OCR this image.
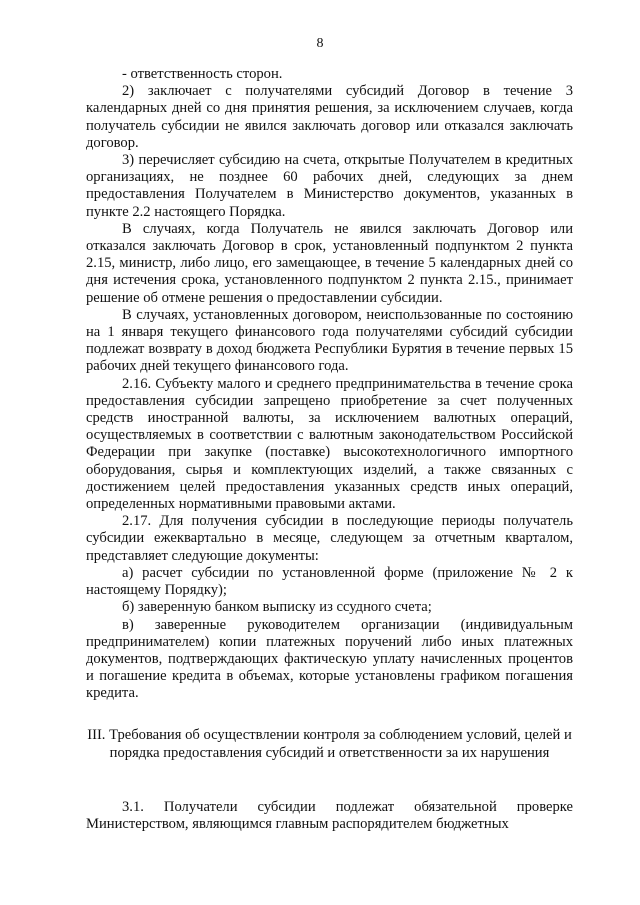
8

- ответственность сторон.

2) заключает с получателями субсидий Договор в течение 3 календарных дней со дня принятия решения, за исключением случаев, когда получатель субсидии не явился заключать договор или отказался заключать договор.

3) перечисляет субсидию на счета, открытые Получателем в кредитных организациях, не позднее 60 рабочих дней, следующих за днем предоставления Получателем в Министерство документов, указанных в пункте 2.2 настоящего Порядка.

В случаях, когда Получатель не явился заключать Договор или отказался заключать Договор в срок, установленный подпунктом 2 пункта 2.15, министр, либо лицо, его замещающее, в течение 5 календарных дней со дня истечения срока, установленного подпунктом 2 пункта 2.15., принимает решение об отмене решения о предоставлении субсидии.

В случаях, установленных договором, неиспользованные по состоянию на 1 января текущего финансового года получателями субсидий субсидии подлежат возврату в доход бюджета Республики Бурятия в течение первых 15 рабочих дней текущего финансового года.

2.16. Субъекту малого и среднего предпринимательства в течение срока предоставления субсидии запрещено приобретение за счет полученных средств иностранной валюты, за исключением валютных операций, осуществляемых в соответствии с валютным законодательством Российской Федерации при закупке (поставке) высокотехнологичного импортного оборудования, сырья и комплектующих изделий, а также связанных с достижением целей предоставления указанных средств иных операций, определенных нормативными правовыми актами.

2.17. Для получения субсидии в последующие периоды получатель субсидии ежеквартально в месяце, следующем за отчетным кварталом, представляет следующие документы:

а) расчет субсидии по установленной форме (приложение № 2 к настоящему Порядку);

б) заверенную банком выписку из ссудного счета;

в) заверенные руководителем организации (индивидуальным предпринимателем) копии платежных поручений либо иных платежных документов, подтверждающих фактическую уплату начисленных процентов и погашение кредита в объемах, которые установлены графиком погашения кредита.

III. Требования об осуществлении контроля за соблюдением условий, целей и порядка предоставления субсидий и ответственности за их нарушения

3.1. Получатели субсидии подлежат обязательной проверке Министерством, являющимся главным распорядителем бюджетных
